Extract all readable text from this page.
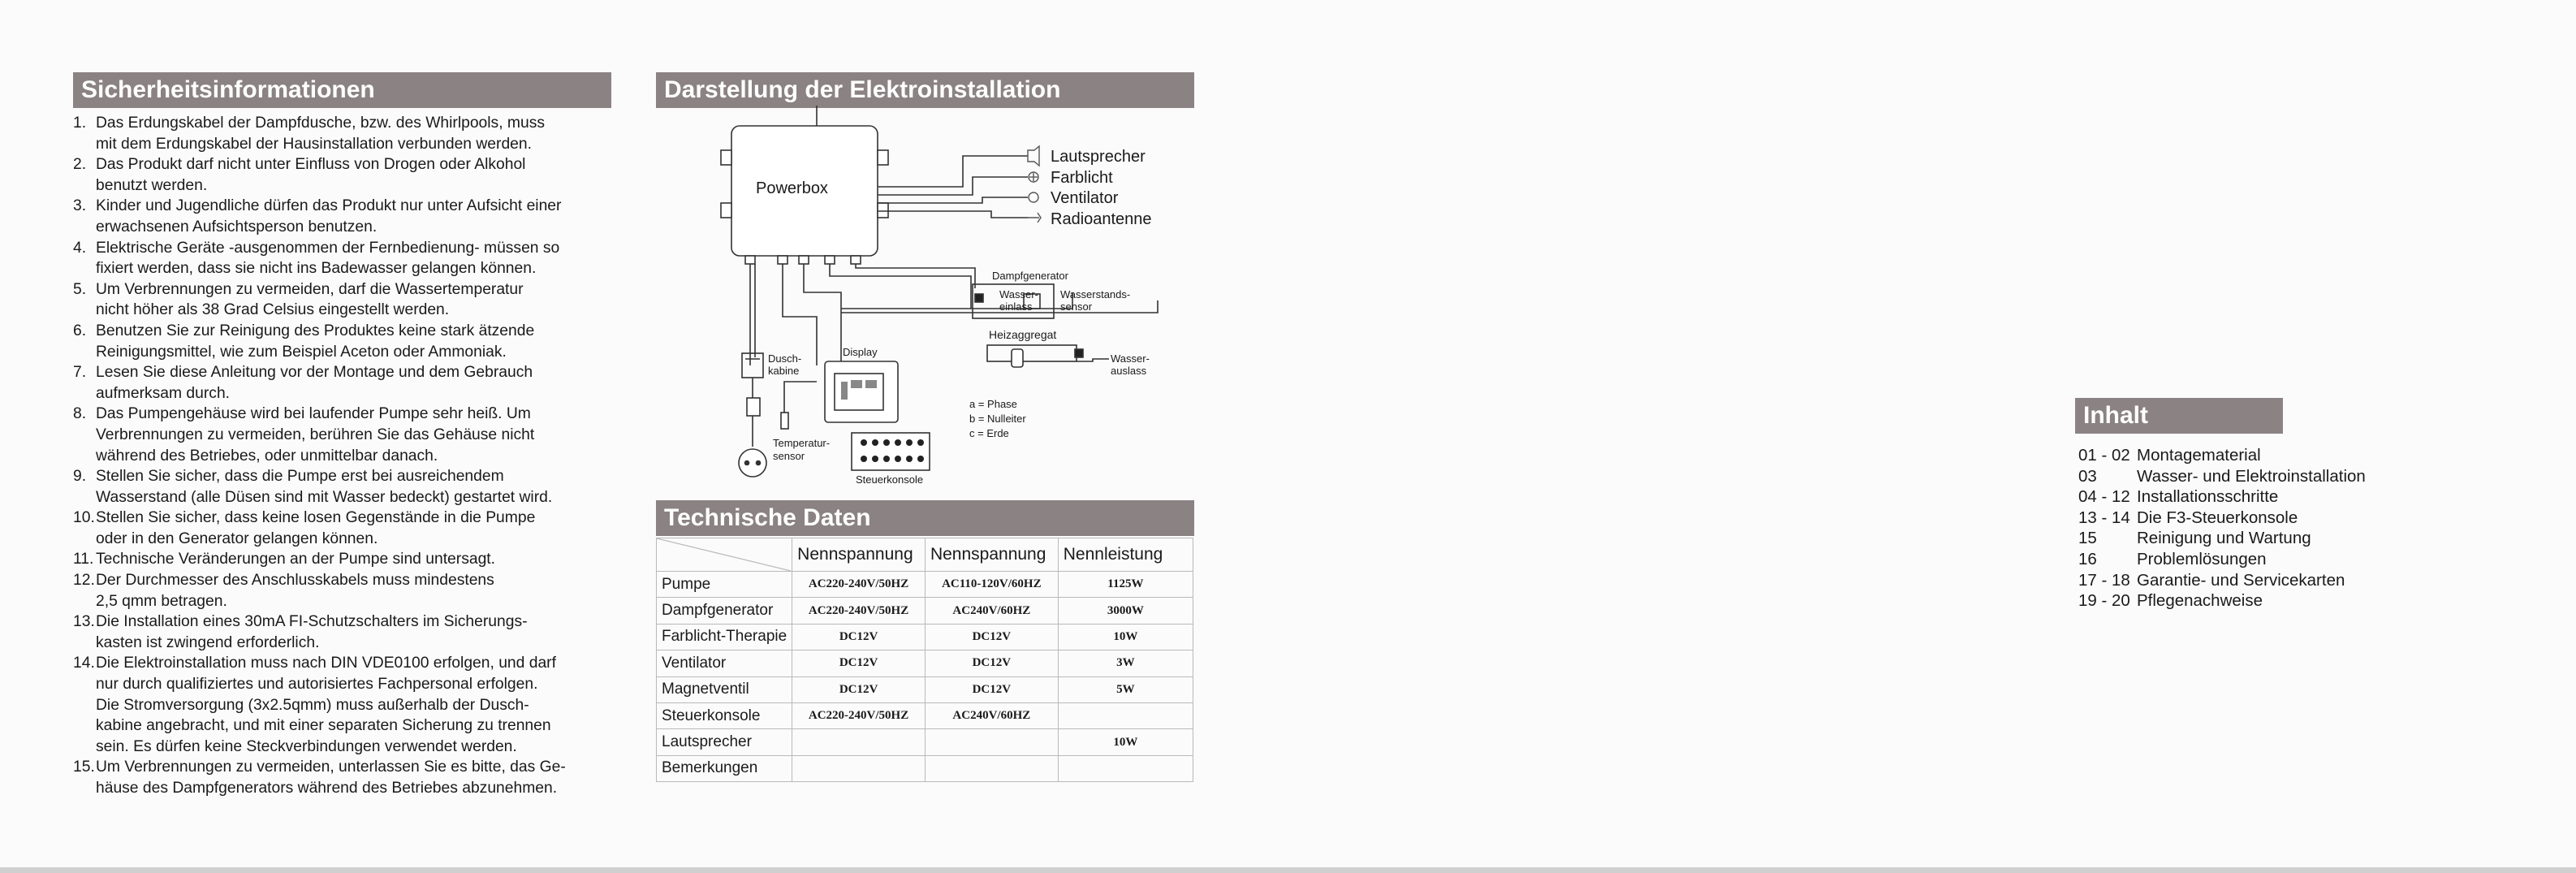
Sicherheitsinformationen	Darstellung der Elektroinstallation
Technische Daten
Inhalt
1. Das Erdungskabel der Dampfdusche, bzw. des Whirlpools, muss
mit dem Erdungskabel der Hausinstallation verbunden werden.
2. Das Produkt darf nicht unter Einfluss von Drogen oder Alkohol
benutzt werden.
3. Kinder und Jugendliche dürfen das Produkt nur unter Aufsicht einer
erwachsenen Aufsichtsperson benutzen.
4. Elektrische Geräte -ausgenommen der Fernbedienung- müssen so
fixiert werden, dass sie nicht ins Badewasser gelangen können.
5. Um Verbrennungen zu vermeiden, darf die Wassertemperatur
nicht höher als 38 Grad Celsius eingestellt werden.
6. Benutzen Sie zur Reinigung des Produktes keine stark ätzende
Reinigungsmittel, wie zum Beispiel Aceton oder Ammoniak.
7. Lesen Sie diese Anleitung vor der Montage und dem Gebrauch
aufmerksam durch.
8. Das Pumpengehäuse wird bei laufender Pumpe sehr heiß. Um
Verbrennungen zu vermeiden, berühren Sie das Gehäuse nicht
während des Betriebes, oder unmittelbar danach.
9. Stellen Sie sicher, dass die Pumpe erst bei ausreichendem
Wasserstand (alle Düsen sind mit Wasser bedeckt) gestartet wird.
10. Stellen Sie sicher, dass keine losen Gegenstände in die Pumpe
oder in den Generator gelangen können.
11. Technische Veränderungen an der Pumpe sind untersagt.
12. Der Durchmesser des Anschlusskabels muss mindestens
2,5 qmm betragen.
13. Die Installation eines 30mA FI-Schutzschalters im Sicherungs-
kasten ist zwingend erforderlich.
14. Die Elektroinstallation muss nach DIN VDE0100 erfolgen, und darf
nur durch qualifiziertes und autorisiertes Fachpersonal erfolgen.
Die Stromversorgung (3x2.5qmm) muss außerhalb der Dusch-
kabine angebracht, und mit einer separaten Sicherung zu trennen
sein. Es dürfen keine Steckverbindungen verwendet werden.
15. Um Verbrennungen zu vermeiden, unterlassen Sie es bitte, das Ge-
häuse des Dampfgenerators während des Betriebes abzunehmen.
Powerbox
Lautsprecher
Farblicht
Ventilator
Radioantenne
Dampfgenerator
Wasser-
einlass
Wasserstands-
sensor
Heizaggregat
Wasser-
auslass
Dusch-
kabine
Display
Temperatur-
sensor
Steuerkonsole
a = Phase
b = Nulleiter
c = Erde
	Nennspannung	Nennspannung	Nennleistung
Pumpe	AC220-240V/50HZ	AC110-120V/60HZ	1125W
Dampfgenerator	AC220-240V/50HZ	AC240V/60HZ	3000W
Farblicht-Therapie	DC12V	DC12V	10W
Ventilator	DC12V	DC12V	3W
Magnetventil	DC12V	DC12V	5W
Steuerkonsole	AC220-240V/50HZ	AC240V/60HZ	
Lautsprecher			10W
Bemerkungen			
01 - 02 Montagematerial
03	Wasser- und Elektroinstallation
04 - 12 Installationsschritte
13 - 14 Die F3-Steuerkonsole
15	Reinigung und Wartung
16	Problemlösungen
17 - 18 Garantie- und Servicekarten
19 - 20 Pflegenachweise
